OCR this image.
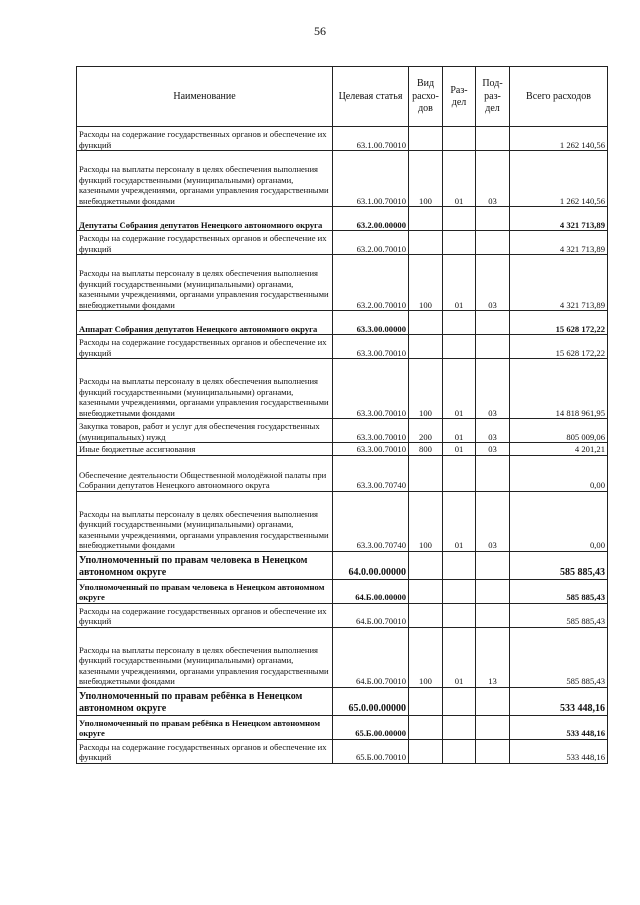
56
Наименование	Целевая статья	Вид расхо-дов	Раз-дел	Под-раз-дел	Всего расходов
Расходы на содержание государственных органов и обеспечение их функций	63.1.00.70010				1 262 140,56
Расходы на выплаты персоналу в целях обеспечения выполнения функций государственными (муниципальными) органами, казенными учреждениями, органами управления государственными внебюджетными фондами	63.1.00.70010	100	01	03	1 262 140,56
Депутаты Собрания депутатов Ненецкого автономного округа	63.2.00.00000				4 321 713,89
Расходы на содержание государственных органов и обеспечение их функций	63.2.00.70010				4 321 713,89
Расходы на выплаты персоналу в целях обеспечения выполнения функций государственными (муниципальными) органами, казенными учреждениями, органами управления государственными внебюджетными фондами	63.2.00.70010	100	01	03	4 321 713,89
Аппарат Собрания депутатов Ненецкого автономного округа	63.3.00.00000				15 628 172,22
Расходы на содержание государственных органов и обеспечение их функций	63.3.00.70010				15 628 172,22
Расходы на выплаты персоналу в целях обеспечения выполнения функций государственными (муниципальными) органами, казенными учреждениями, органами управления государственными внебюджетными фондами	63.3.00.70010	100	01	03	14 818 961,95
Закупка товаров, работ и услуг для обеспечения государственных (муниципальных) нужд	63.3.00.70010	200	01	03	805 009,06
Иные бюджетные ассигнования	63.3.00.70010	800	01	03	4 201,21
Обеспечение деятельности Общественной молодёжной палаты при Собрании депутатов Ненецкого автономного округа	63.3.00.70740				0,00
Расходы на выплаты персоналу в целях обеспечения выполнения функций государственными (муниципальными) органами, казенными учреждениями, органами управления государственными внебюджетными фондами	63.3.00.70740	100	01	03	0,00
Уполномоченный по правам человека в Ненецком автономном округе	64.0.00.00000				585 885,43
Уполномоченный по правам человека в Ненецком автономном округе	64.Б.00.00000				585 885,43
Расходы на содержание государственных органов и обеспечение их функций	64.Б.00.70010				585 885,43
Расходы на выплаты персоналу в целях обеспечения выполнения функций государственными (муниципальными) органами, казенными учреждениями, органами управления государственными внебюджетными фондами	64.Б.00.70010	100	01	13	585 885,43
Уполномоченный по правам ребёнка в Ненецком автономном округе	65.0.00.00000				533 448,16
Уполномоченный по правам ребёнка в Ненецком автономном округе	65.Б.00.00000				533 448,16
Расходы на содержание государственных органов и обеспечение их функций	65.Б.00.70010				533 448,16
